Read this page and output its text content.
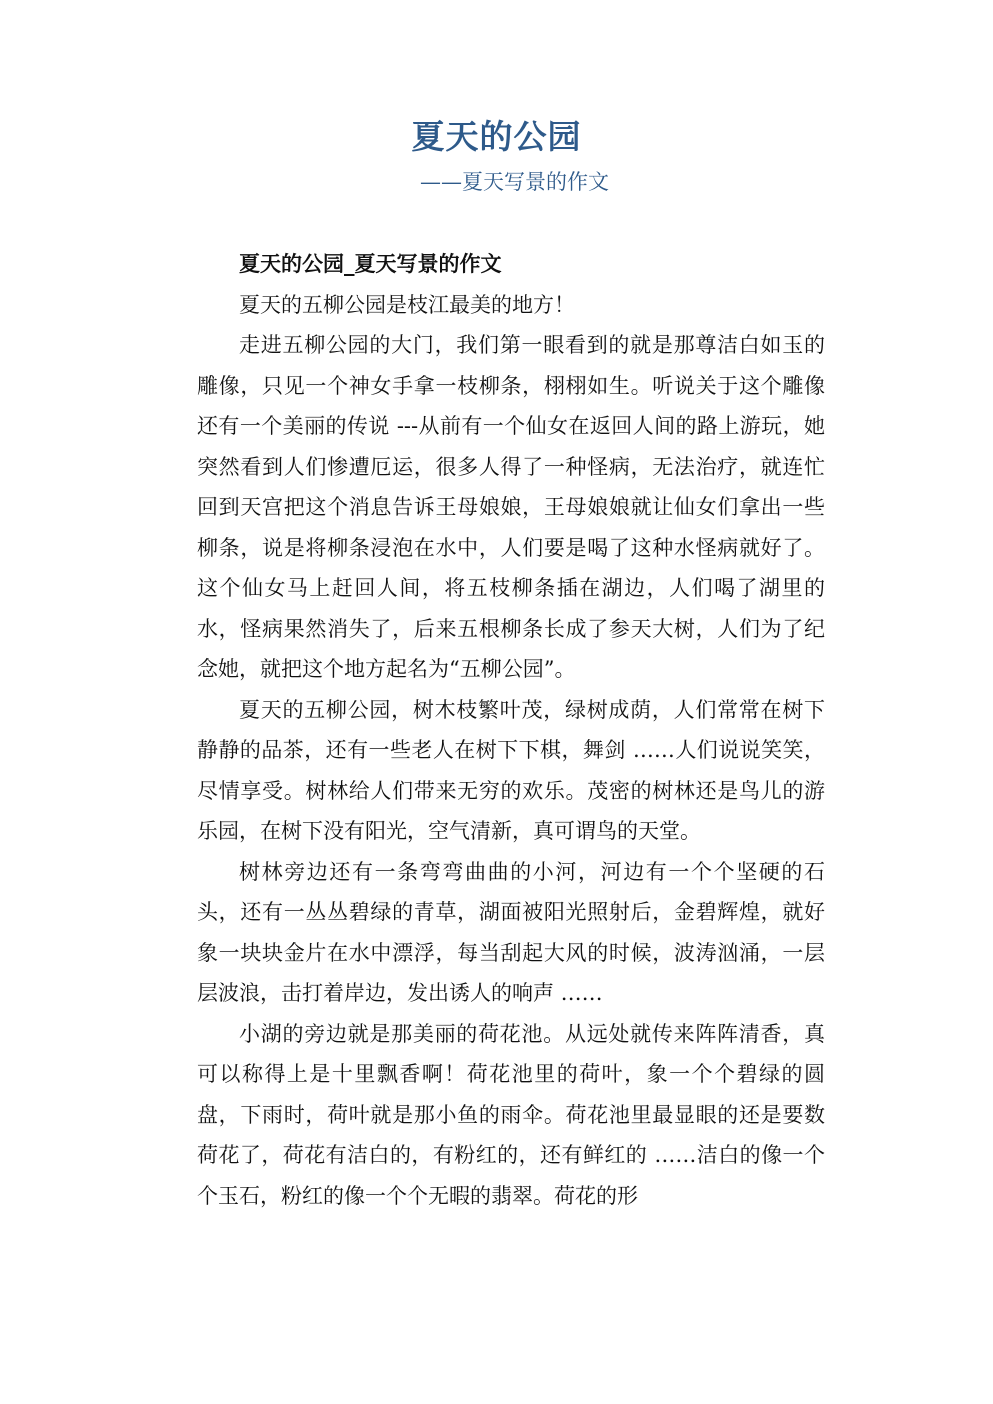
夏天的公园
——夏天写景的作文

夏天的公园_夏天写景的作文

夏天的五柳公园是枝江最美的地方！

走进五柳公园的大门，我们第一眼看到的就是那尊洁白如玉的雕像，只见一个神女手拿一枝柳条，栩栩如生。听说关于这个雕像还有一个美丽的传说 ---从前有一个仙女在返回人间的路上游玩，她突然看到人们惨遭厄运，很多人得了一种怪病，无法治疗，就连忙回到天宫把这个消息告诉王母娘娘，王母娘娘就让仙女们拿出一些柳条，说是将柳条浸泡在水中，人们要是喝了这种水怪病就好了。这个仙女马上赶回人间，将五枝柳条插在湖边，人们喝了湖里的水，怪病果然消失了，后来五根柳条长成了参天大树，人们为了纪念她，就把这个地方起名为“五柳公园”。

夏天的五柳公园，树木枝繁叶茂，绿树成荫，人们常常在树下静静的品茶，还有一些老人在树下下棋，舞剑 ……人们说说笑笑，尽情享受。树林给人们带来无穷的欢乐。茂密的树林还是鸟儿的游乐园，在树下没有阳光，空气清新，真可谓鸟的天堂。

树林旁边还有一条弯弯曲曲的小河，河边有一个个坚硬的石头，还有一丛丛碧绿的青草，湖面被阳光照射后，金碧辉煌，就好象一块块金片在水中漂浮，每当刮起大风的时候，波涛汹涌，一层层波浪，击打着岸边，发出诱人的响声 ……

小湖的旁边就是那美丽的荷花池。从远处就传来阵阵清香，真可以称得上是十里飘香啊！荷花池里的荷叶，象一个个碧绿的圆盘，下雨时，荷叶就是那小鱼的雨伞。荷花池里最显眼的还是要数荷花了，荷花有洁白的，有粉红的，还有鲜红的 ……洁白的像一个个玉石，粉红的像一个个无暇的翡翠。荷花的形
